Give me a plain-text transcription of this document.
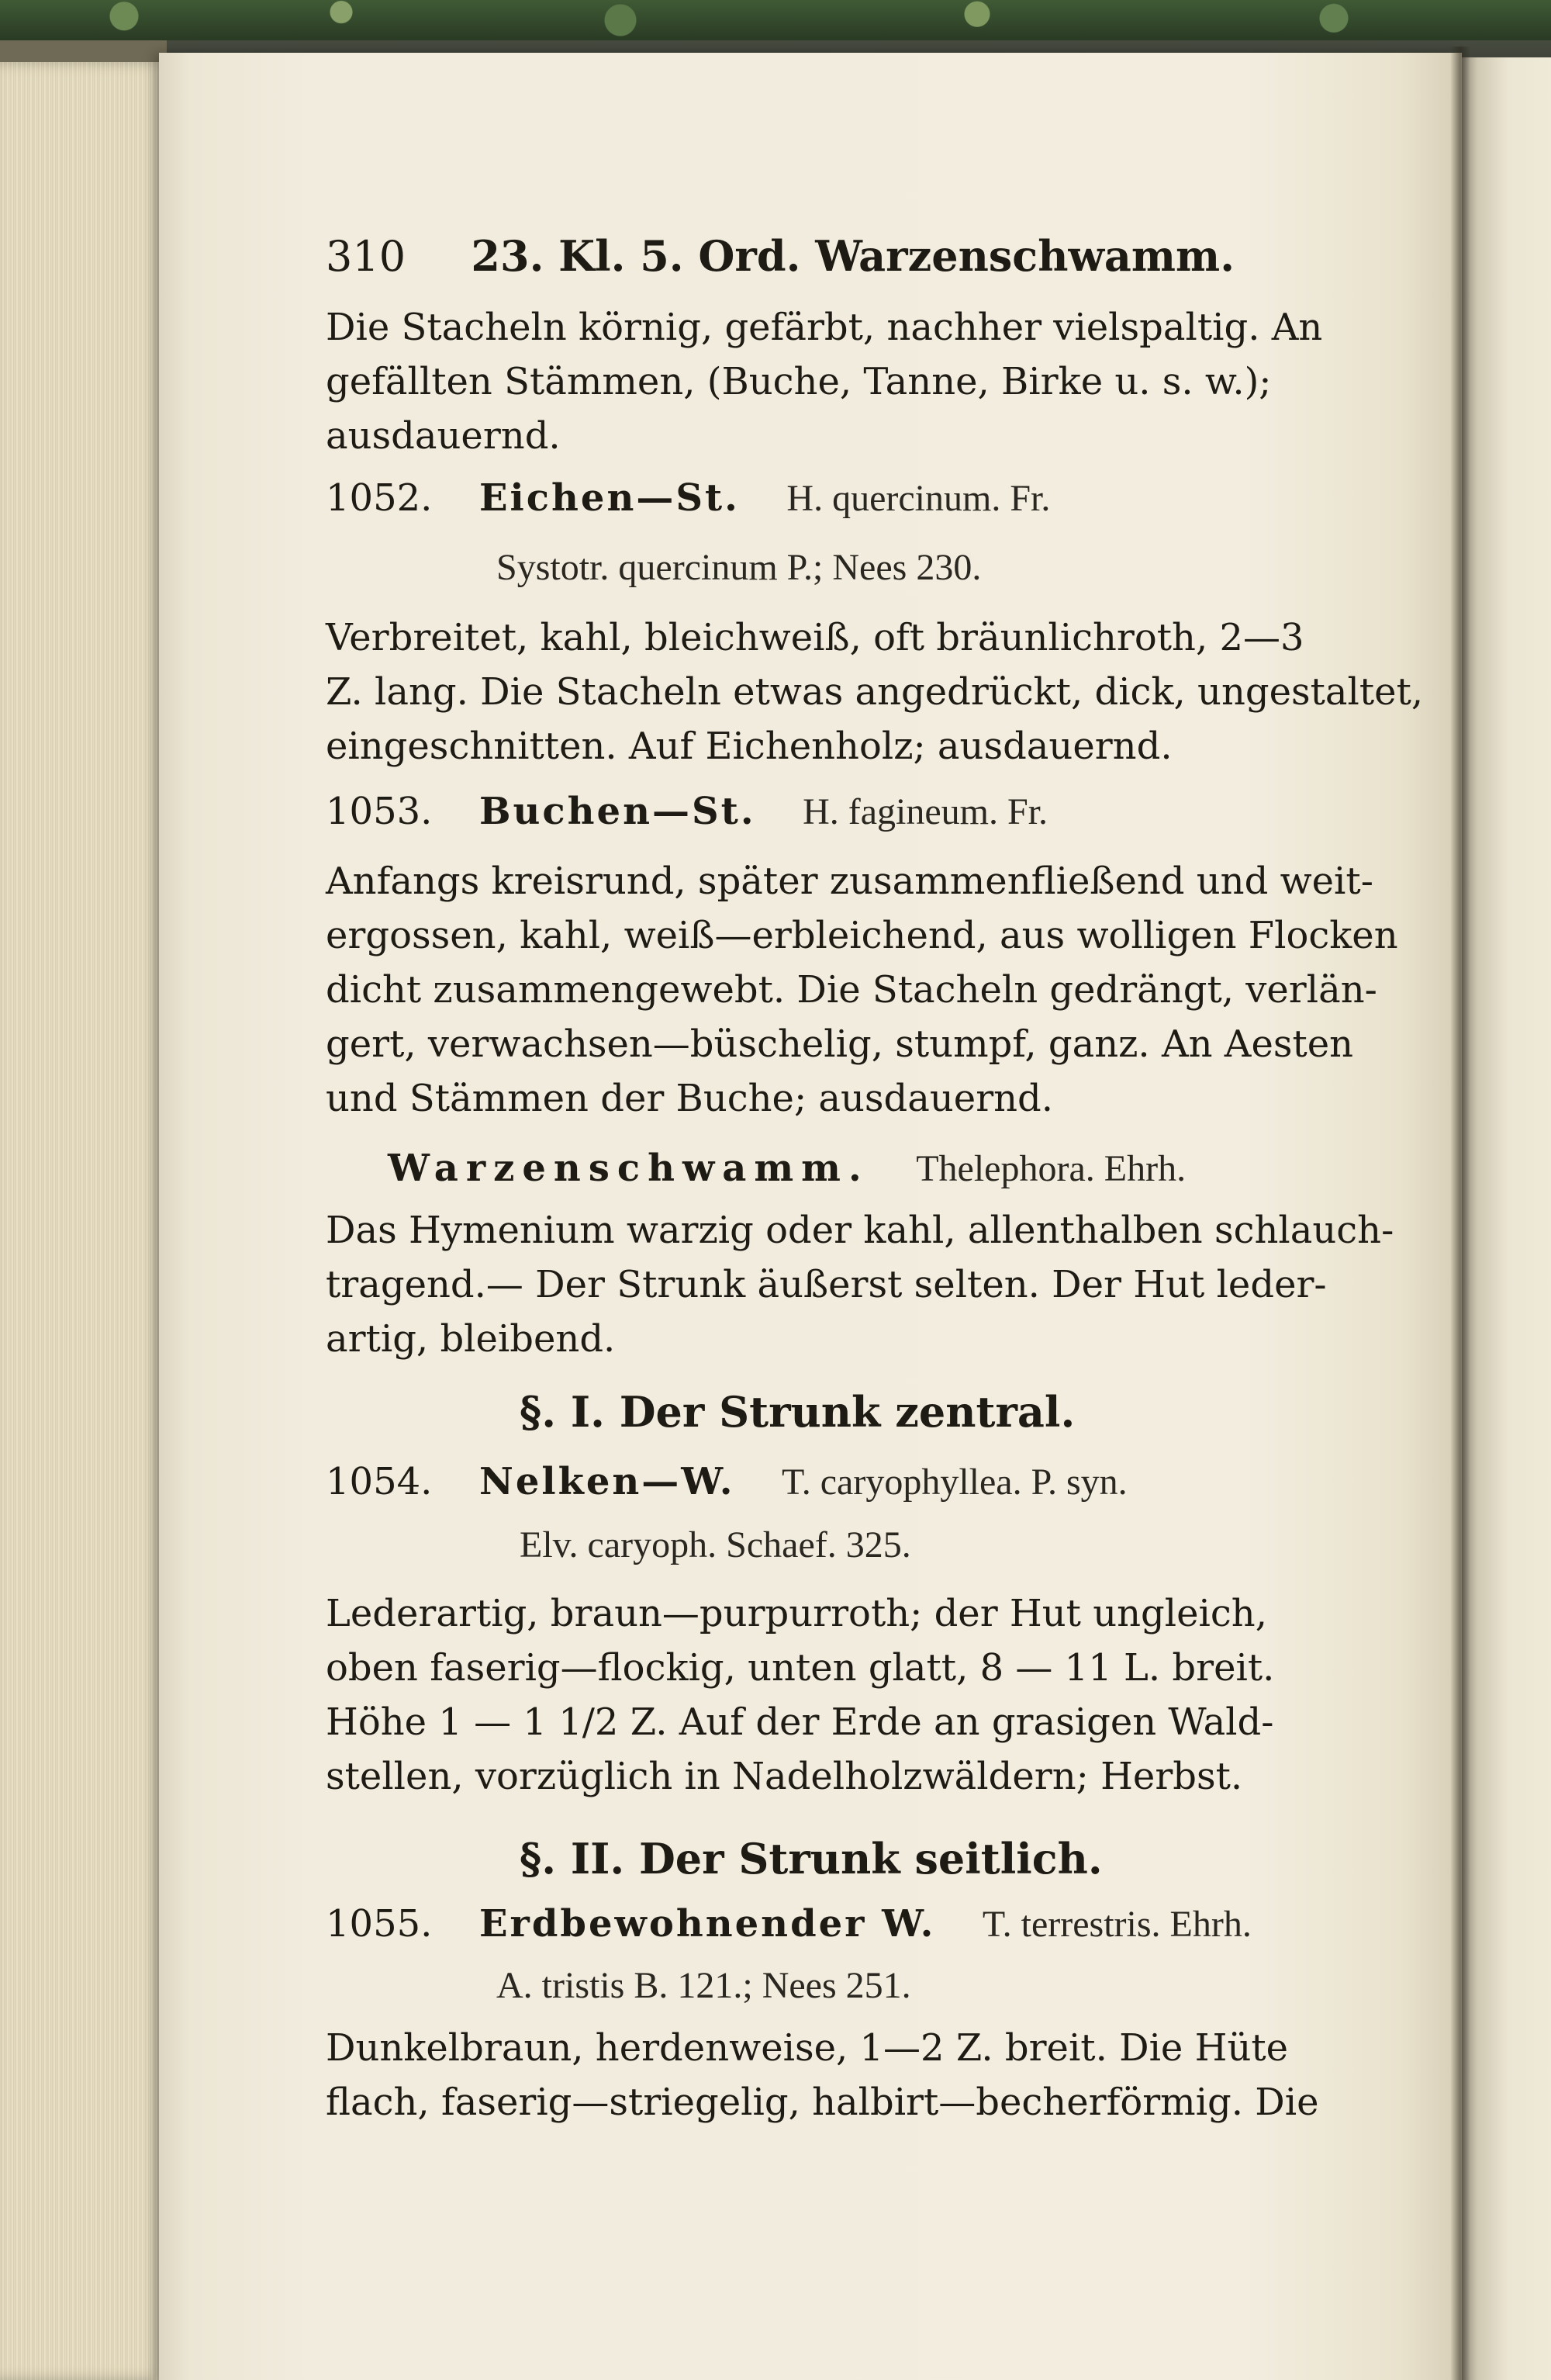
310 23. Kl. 5. Ord. Warzenschwamm.
Die Stacheln körnig, gefärbt, nachher vielspaltig. An
gefällten Stämmen, (Buche, Tanne, Birke u. s. w.);
ausdauernd.
1052. Eichen—St. H. quercinum. Fr.
Systotr. quercinum P.; Nees 230.
Verbreitet, kahl, bleichweiß, oft bräunlichroth, 2—3
Z. lang. Die Stacheln etwas angedrückt, dick, ungestaltet,
eingeschnitten. Auf Eichenholz; ausdauernd.
1053. Buchen—St. H. fagineum. Fr.
Anfangs kreisrund, später zusammenfließend und weit-
ergossen, kahl, weiß—erbleichend, aus wolligen Flocken
dicht zusammengewebt. Die Stacheln gedrängt, verlän-
gert, verwachsen—büschelig, stumpf, ganz. An Aesten
und Stämmen der Buche; ausdauernd.
Warzenschwamm. Thelephora. Ehrh.
Das Hymenium warzig oder kahl, allenthalben schlauch-
tragend.— Der Strunk äußerst selten. Der Hut leder-
artig, bleibend.
§. I. Der Strunk zentral.
1054. Nelken—W. T. caryophyllea. P. syn.
Elv. caryoph. Schaef. 325.
Lederartig, braun—purpurroth; der Hut ungleich,
oben faserig—flockig, unten glatt, 8 — 11 L. breit.
Höhe 1 — 1 1/2 Z. Auf der Erde an grasigen Wald-
stellen, vorzüglich in Nadelholzwäldern; Herbst.
§. II. Der Strunk seitlich.
1055. Erdbewohnender W. T. terrestris. Ehrh.
A. tristis B. 121.; Nees 251.
Dunkelbraun, herdenweise, 1—2 Z. breit. Die Hüte
flach, faserig—striegelig, halbirt—becherförmig. Die
